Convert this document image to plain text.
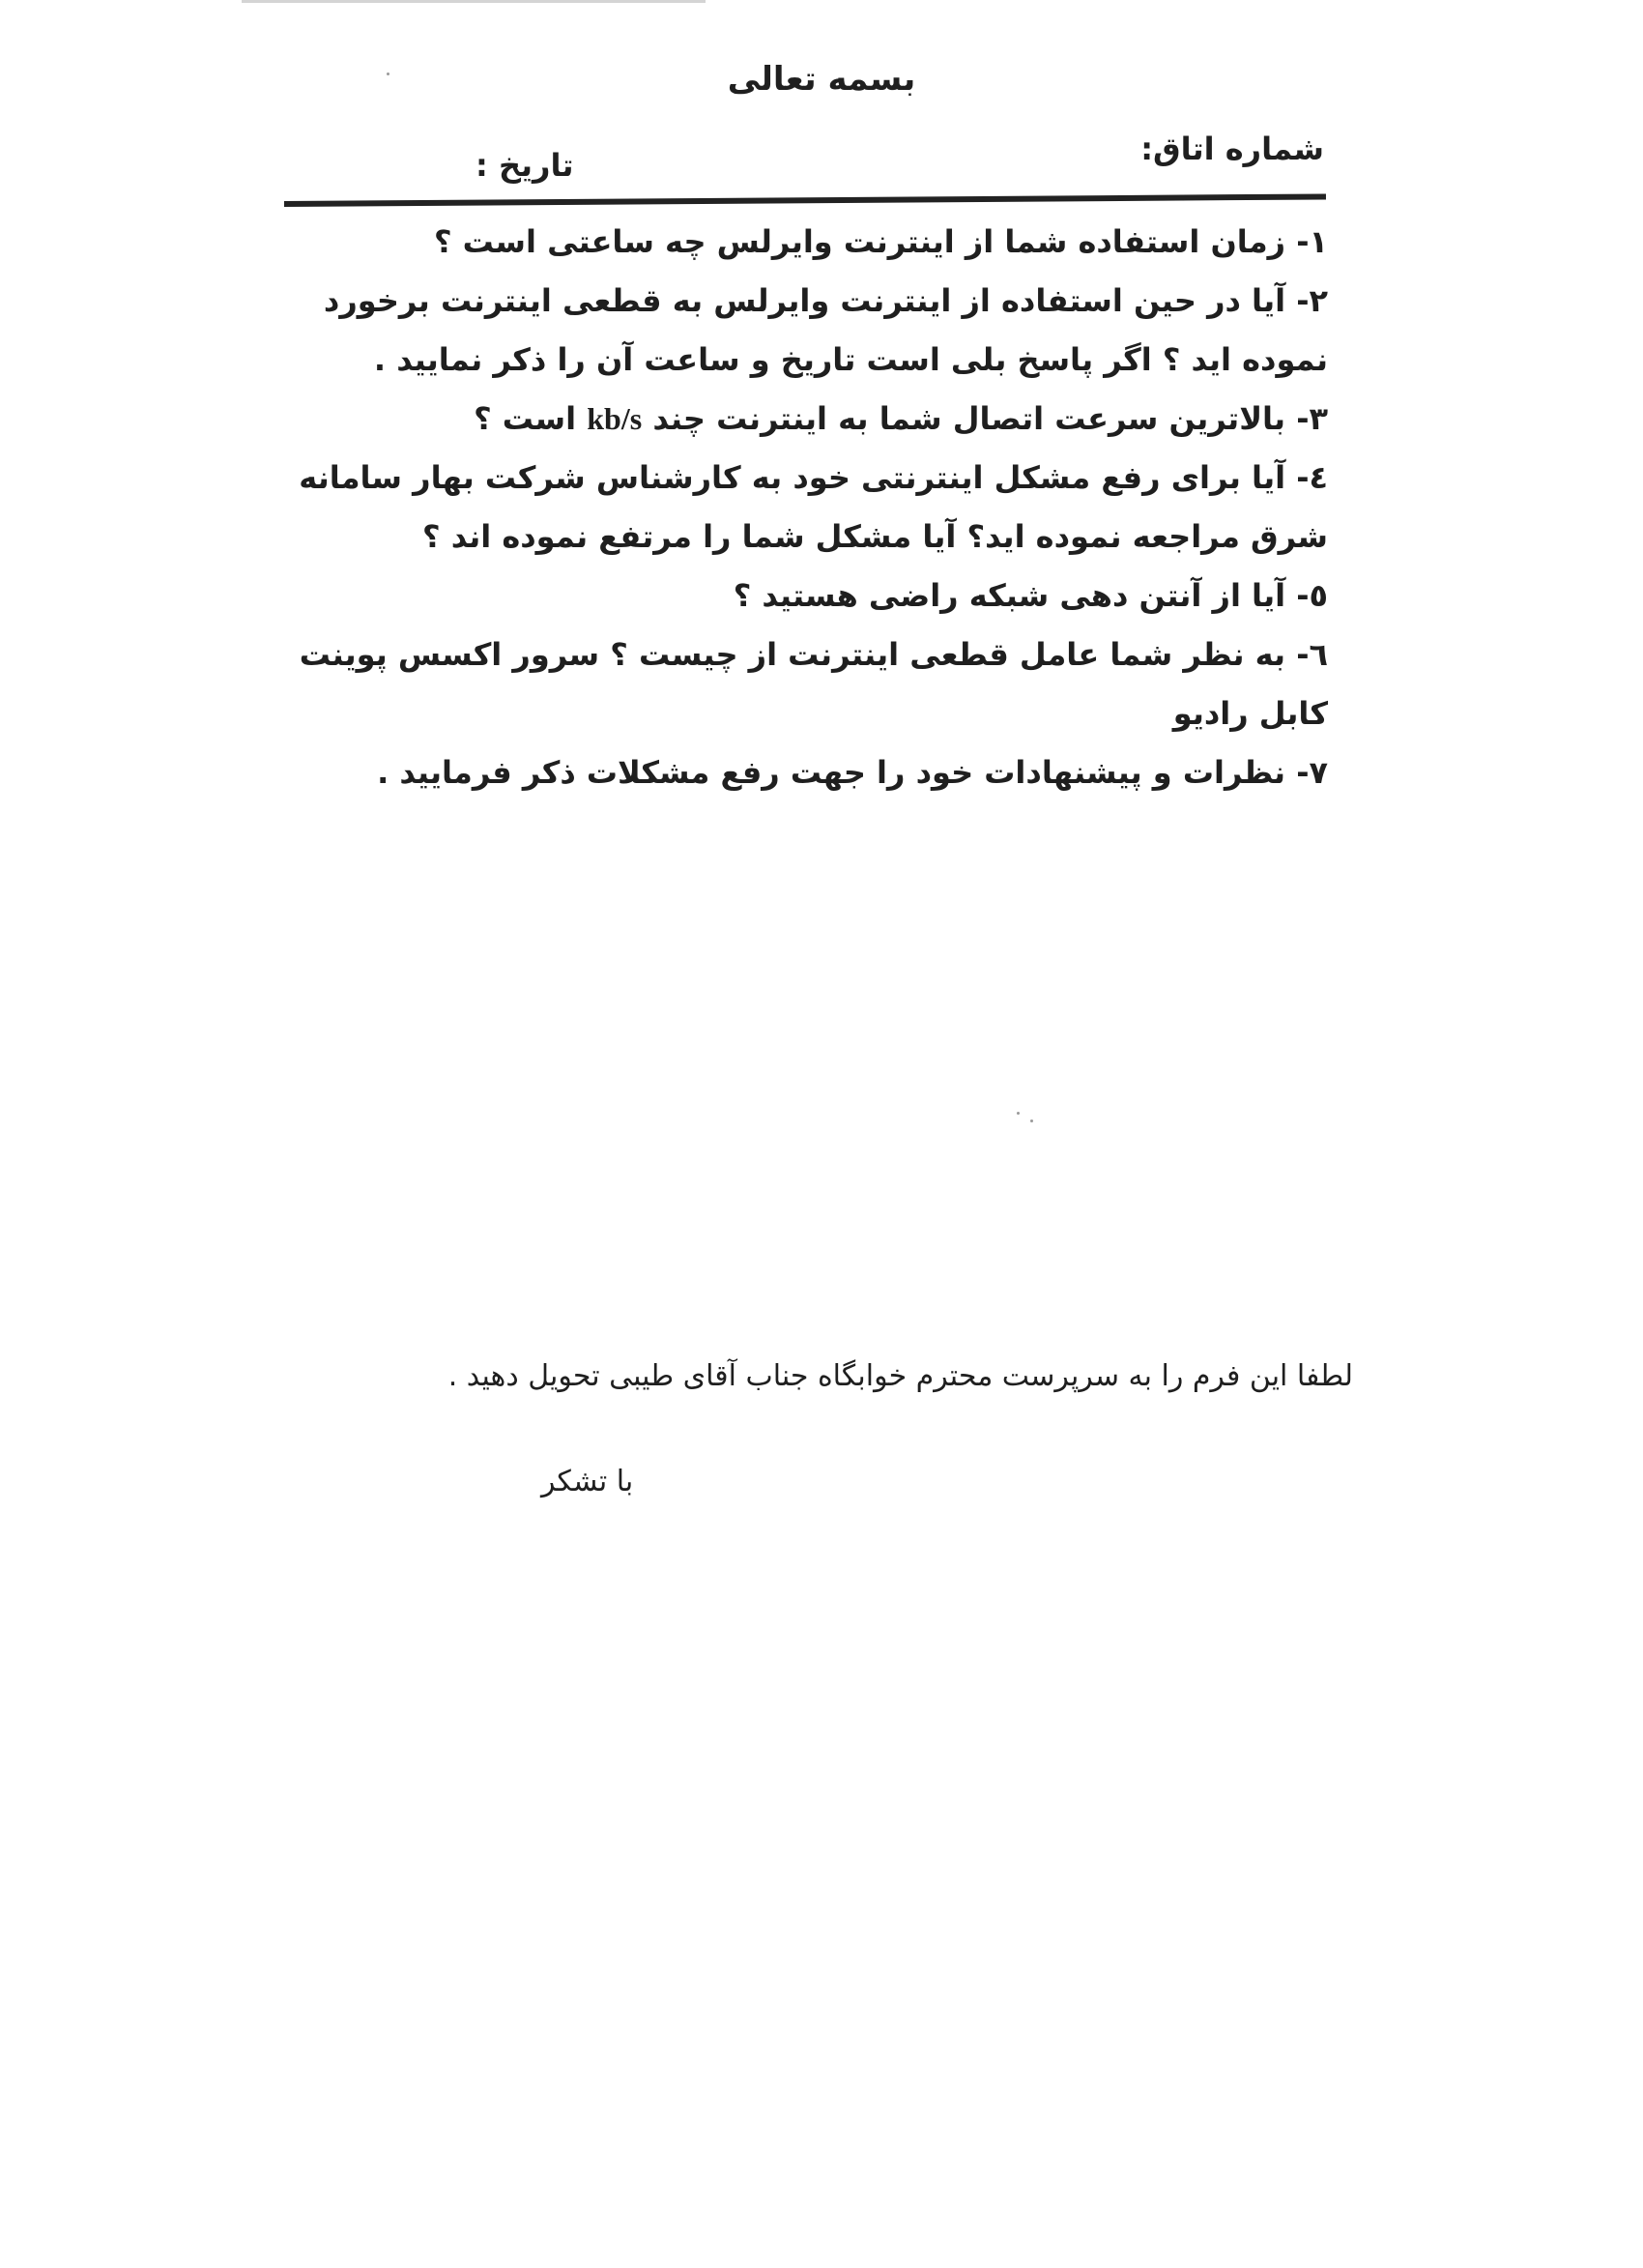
بسمه تعالی
شماره اتاق:
تاریخ :

۱ - زمان استفاده شما از اینترنت وایرلس چه ساعتی است ؟

۲ - آیا در حین استفاده از اینترنت وایرلس به قطعی اینترنت برخورد نموده اید ؟ اگر پاسخ بلی است تاریخ و ساعت آن را ذکر نمایید .

۳ - بالاترین سرعت اتصال شما به اینترنت چند kb/s است ؟

٤ - آیا برای رفع مشکل اینترنتی خود به کارشناس شرکت بهار سامانه شرق مراجعه نموده اید؟ آیا مشکل شما را مرتفع نموده اند ؟

٥ - آیا از آنتن دهی شبکه راضی هستید ؟

٦ - به نظر شما عامل قطعی اینترنت از چیست ؟ سرور اکسس پوینت کابل رادیو

۷ - نظرات و پیشنهادات خود را جهت رفع مشکلات ذکر فرمایید .

لطفا این فرم را به سرپرست محترم خوابگاه جناب آقای طیبی تحویل دهید .
با تشکر
